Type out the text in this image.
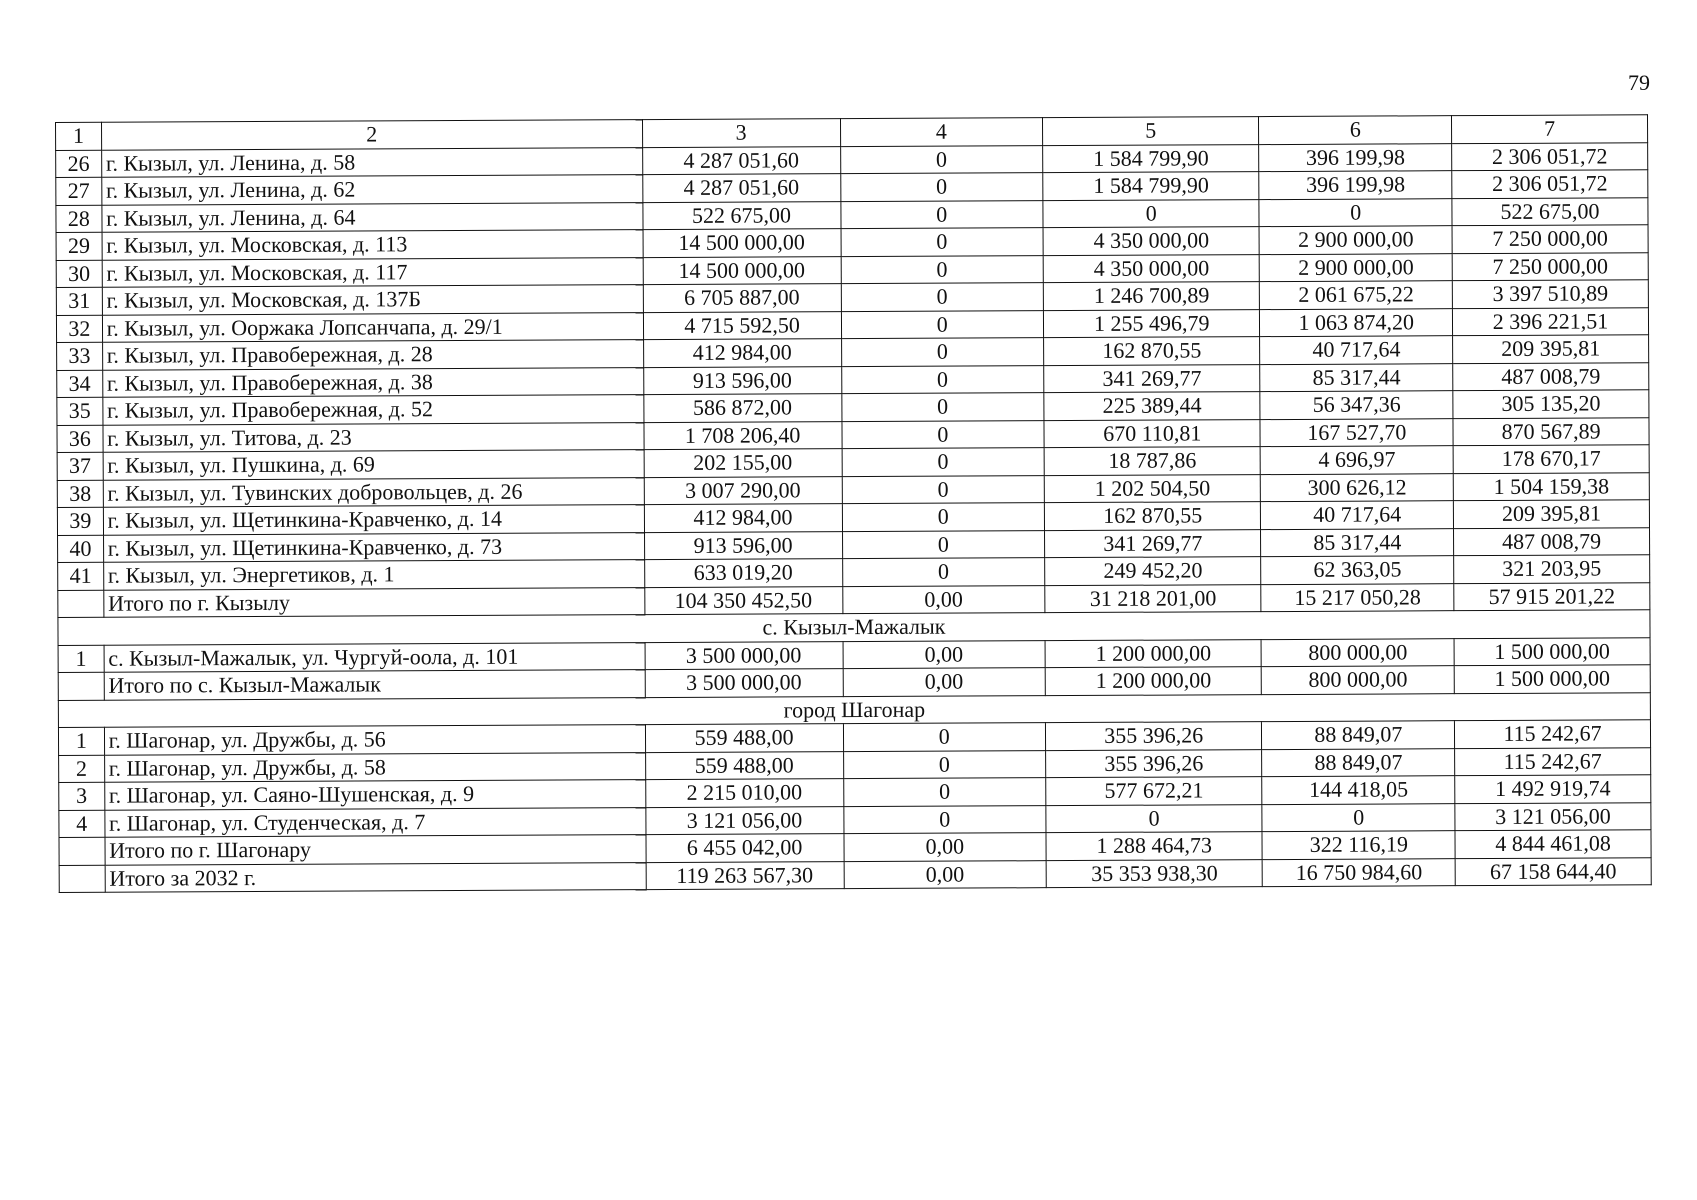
79
1	2	3	4	5	6	7
26	г. Кызыл, ул. Ленина, д. 58	4 287 051,60	0	1 584 799,90	396 199,98	2 306 051,72
27	г. Кызыл, ул. Ленина, д. 62	4 287 051,60	0	1 584 799,90	396 199,98	2 306 051,72
28	г. Кызыл, ул. Ленина, д. 64	522 675,00	0	0	0	522 675,00
29	г. Кызыл, ул. Московская, д. 113	14 500 000,00	0	4 350 000,00	2 900 000,00	7 250 000,00
30	г. Кызыл, ул. Московская, д. 117	14 500 000,00	0	4 350 000,00	2 900 000,00	7 250 000,00
31	г. Кызыл, ул. Московская, д. 137Б	6 705 887,00	0	1 246 700,89	2 061 675,22	3 397 510,89
32	г. Кызыл, ул. Ооржака Лопсанчапа, д. 29/1	4 715 592,50	0	1 255 496,79	1 063 874,20	2 396 221,51
33	г. Кызыл, ул. Правобережная, д. 28	412 984,00	0	162 870,55	40 717,64	209 395,81
34	г. Кызыл, ул. Правобережная, д. 38	913 596,00	0	341 269,77	85 317,44	487 008,79
35	г. Кызыл, ул. Правобережная, д. 52	586 872,00	0	225 389,44	56 347,36	305 135,20
36	г. Кызыл, ул. Титова, д. 23	1 708 206,40	0	670 110,81	167 527,70	870 567,89
37	г. Кызыл, ул. Пушкина, д. 69	202 155,00	0	18 787,86	4 696,97	178 670,17
38	г. Кызыл, ул. Тувинских добровольцев, д. 26	3 007 290,00	0	1 202 504,50	300 626,12	1 504 159,38
39	г. Кызыл, ул. Щетинкина-Кравченко, д. 14	412 984,00	0	162 870,55	40 717,64	209 395,81
40	г. Кызыл, ул. Щетинкина-Кравченко, д. 73	913 596,00	0	341 269,77	85 317,44	487 008,79
41	г. Кызыл, ул. Энергетиков, д. 1	633 019,20	0	249 452,20	62 363,05	321 203,95
	Итого по г. Кызылу	104 350 452,50	0,00	31 218 201,00	15 217 050,28	57 915 201,22
с. Кызыл-Мажалык						
1	с. Кызыл-Мажалык, ул. Чургуй-оола, д. 101	3 500 000,00	0,00	1 200 000,00	800 000,00	1 500 000,00
	Итого по с. Кызыл-Мажалык	3 500 000,00	0,00	1 200 000,00	800 000,00	1 500 000,00
город Шагонар						
1	г. Шагонар, ул. Дружбы, д. 56	559 488,00	0	355 396,26	88 849,07	115 242,67
2	г. Шагонар, ул. Дружбы, д. 58	559 488,00	0	355 396,26	88 849,07	115 242,67
3	г. Шагонар, ул. Саяно-Шушенская, д. 9	2 215 010,00	0	577 672,21	144 418,05	1 492 919,74
4	г. Шагонар, ул. Студенческая, д. 7	3 121 056,00	0	0	0	3 121 056,00
	Итого по г. Шагонару	6 455 042,00	0,00	1 288 464,73	322 116,19	4 844 461,08
	Итого за 2032 г.	119 263 567,30	0,00	35 353 938,30	16 750 984,60	67 158 644,40
